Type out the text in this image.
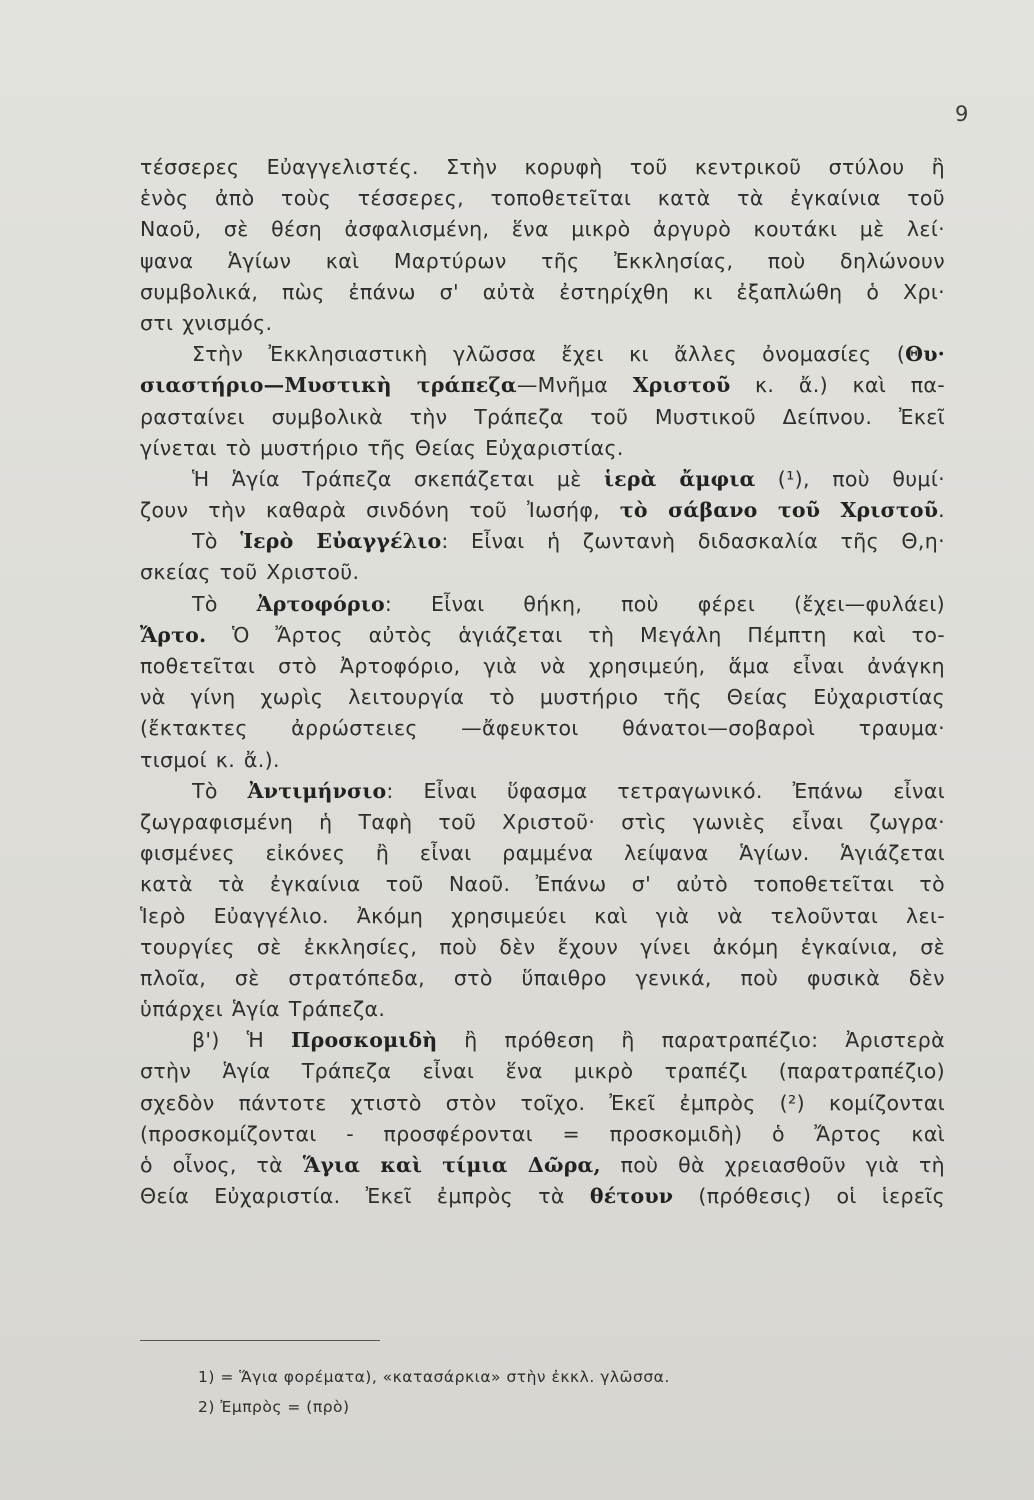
9
τέσσερες Εὐαγγελιστές. Στὴν κορυφὴ τοῦ κεντρικοῦ στύλου ἢ
ἑνὸς ἀπὸ τοὺς τέσσερες, τοποθετεῖται κατὰ τὰ ἐγκαίνια τοῦ
Ναοῦ, σὲ θέση ἀσφαλισμένη, ἕνα μικρὸ ἀργυρὸ κουτάκι μὲ λεί·
ψανα Ἁγίων καὶ Μαρτύρων τῆς Ἐκκλησίας, ποὺ δηλώνουν
συμβολικά, πὼς ἐπάνω σ' αὐτὰ ἐστηρίχθη κι ἐξαπλώθη ὁ Χρι·
στι χνισμός.
Στὴν Ἐκκλησιαστικὴ γλῶσσα ἔχει κι ἄλλες ὀνομασίες (Θυ·
σιαστήριο—Μυστικὴ τράπεζα—Μνῆμα Χριστοῦ κ. ἄ.) καὶ πα-
ρασταίνει συμβολικὰ τὴν Τράπεζα τοῦ Μυστικοῦ Δείπνου. Ἐκεῖ
γίνεται τὸ μυστήριο τῆς Θείας Εὐχαριστίας.
Ἡ Ἁγία Τράπεζα σκεπάζεται μὲ ἱερὰ ἄμφια (¹), ποὺ θυμί·
ζουν τὴν καθαρὰ σινδόνη τοῦ Ἰωσήφ, τὸ σάβανο τοῦ Χριστοῦ.
Τὸ Ἱερὸ Εὐαγγέλιο: Εἶναι ἡ ζωντανὴ διδασκαλία τῆς Θ,η·
σκείας τοῦ Χριστοῦ.
Τὸ Ἀρτοφόριο: Εἶναι θήκη, ποὺ φέρει (ἔχει—φυλάει)
Ἄρτο. Ὁ Ἄρτος αὐτὸς ἁγιάζεται τὴ Μεγάλη Πέμπτη καὶ το-
ποθετεῖται στὸ Ἀρτοφόριο, γιὰ νὰ χρησιμεύη, ἅμα εἶναι ἀνάγκη
νὰ γίνη χωρὶς λειτουργία τὸ μυστήριο τῆς Θείας Εὐχαριστίας
(ἔκτακτες ἀρρώστειες —ἄφευκτοι θάνατοι—σοβαροὶ τραυμα·
τισμοί κ. ἄ.).
Τὸ Ἀντιμήνσιο: Εἶναι ὕφασμα τετραγωνικό. Ἐπάνω εἶναι
ζωγραφισμένη ἡ Ταφὴ τοῦ Χριστοῦ· στὶς γωνιὲς εἶναι ζωγρα·
φισμένες εἰκόνες ἢ εἶναι ραμμένα λείψανα Ἁγίων. Ἁγιάζεται
κατὰ τὰ ἐγκαίνια τοῦ Ναοῦ. Ἐπάνω σ' αὐτὸ τοποθετεῖται τὸ
Ἱερὸ Εὐαγγέλιο. Ἀκόμη χρησιμεύει καὶ γιὰ νὰ τελοῦνται λει-
τουργίες σὲ ἐκκλησίες, ποὺ δὲν ἔχουν γίνει ἀκόμη ἐγκαίνια, σὲ
πλοῖα, σὲ στρατόπεδα, στὸ ὕπαιθρο γενικά, ποὺ φυσικὰ δὲν
ὑπάρχει Ἁγία Τράπεζα.
β') Ἡ Προσκομιδὴ ἢ πρόθεση ἢ παρατραπέζιο: Ἀριστερὰ
στὴν Ἁγία Τράπεζα εἶναι ἕνα μικρὸ τραπέζι (παρατραπέζιο)
σχεδὸν πάντοτε χτιστὸ στὸν τοῖχο. Ἐκεῖ ἐμπρὸς (²) κομίζονται
(προσκομίζονται - προσφέρονται = προσκομιδὴ) ὁ Ἄρτος καὶ
ὁ οἶνος, τὰ Ἅγια καὶ τίμια Δῶρα, ποὺ θὰ χρειασθοῦν γιὰ τὴ
Θεία Εὐχαριστία. Ἐκεῖ ἐμπρὸς τὰ θέτουν (πρόθεσις) οἱ ἱερεῖς
1) = Ἅγια φορέματα), «κατασάρκια» στὴν ἐκκλ. γλῶσσα.
2) Ἐμπρὸς = (πρὸ)
